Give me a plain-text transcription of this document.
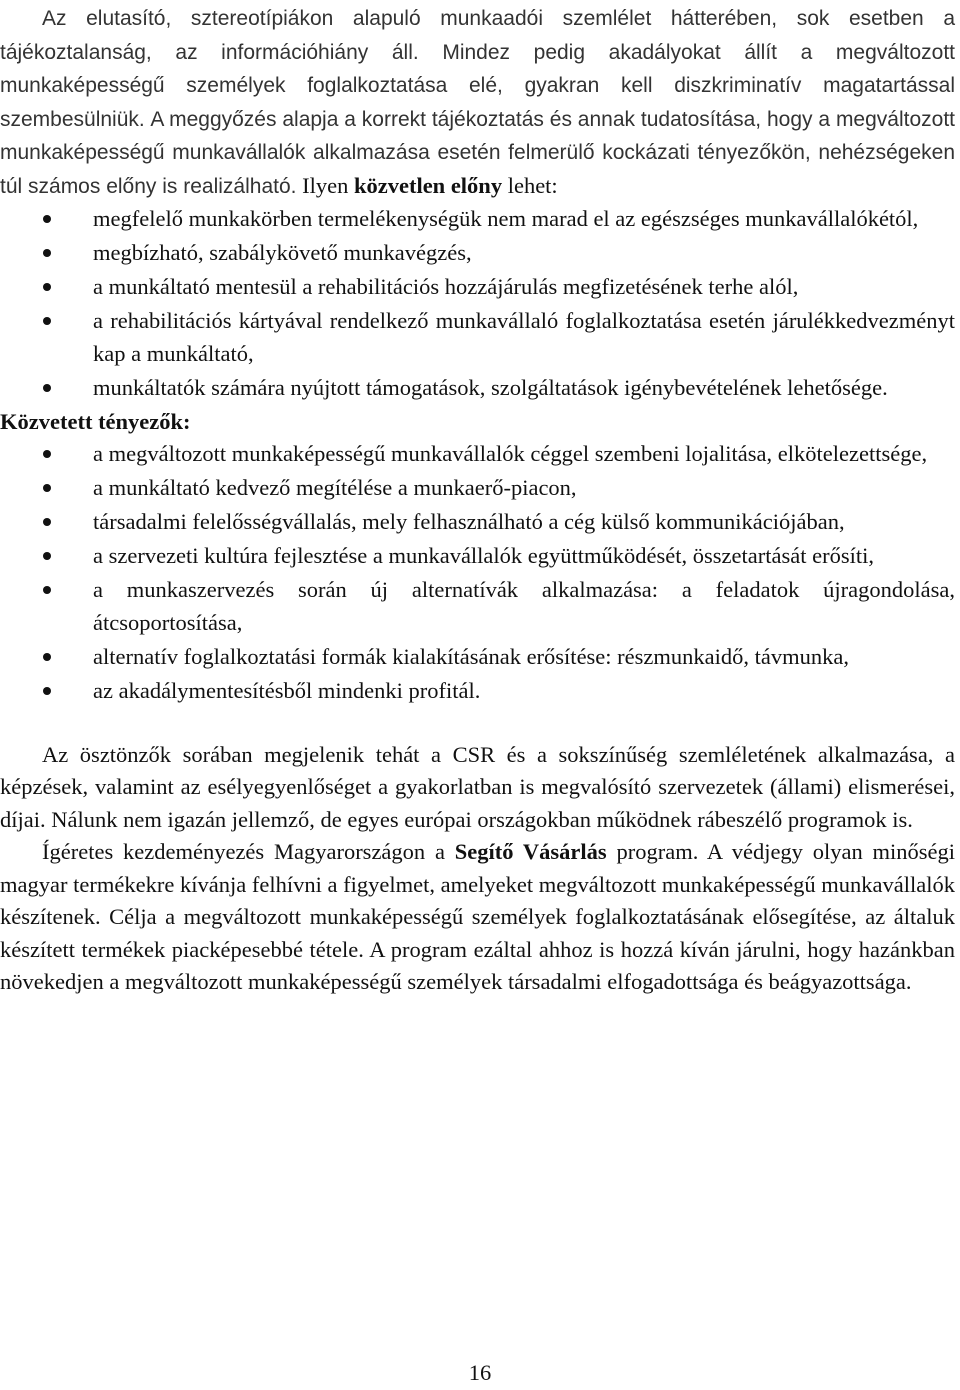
Az elutasító, sztereotípiákon alapuló munkaadói szemlélet hátterében, sok esetben a tájékoztalanság, az információhiány áll. Mindez pedig akadályokat állít a megváltozott munkaképességű személyek foglalkoztatása elé, gyakran kell diszkriminatív magatartással szembesülniük. A meggyőzés alapja a korrekt tájékoztatás és annak tudatosítása, hogy a megváltozott munkaképességű munkavállalók alkalmazása esetén felmerülő kockázati tényezőkön, nehézségeken túl számos előny is realizálható. Ilyen közvetlen előny lehet:

megfelelő munkakörben termelékenységük nem marad el az egészséges munkavállalókétól,
megbízható, szabálykövető munkavégzés,
a munkáltató mentesül a rehabilitációs hozzájárulás megfizetésének terhe alól,
a rehabilitációs kártyával rendelkező munkavállaló foglalkoztatása esetén járulékkedvezményt kap a munkáltató,
munkáltatók számára nyújtott támogatások, szolgáltatások igénybevételének lehetősége.

Közvetett tényezők:

a megváltozott munkaképességű munkavállalók céggel szembeni lojalitása, elkötelezettsége,
a munkáltató kedvező megítélése a munkaerő-piacon,
társadalmi felelősségvállalás, mely felhasználható a cég külső kommunikációjában,
a szervezeti kultúra fejlesztése a munkavállalók együttműködését, összetartását erősíti,
a munkaszervezés során új alternatívák alkalmazása: a feladatok újragondolása, átcsoportosítása,
alternatív foglalkoztatási formák kialakításának erősítése: részmunkaidő, távmunka,
az akadálymentesítésből mindenki profitál.

Az ösztönzők sorában megjelenik tehát a CSR és a sokszínűség szemléletének alkalmazása, a képzések, valamint az esélyegyenlőséget a gyakorlatban is megvalósító szervezetek (állami) elismerései, díjai. Nálunk nem igazán jellemző, de egyes európai országokban működnek rábeszélő programok is.

Ígéretes kezdeményezés Magyarországon a Segítő Vásárlás program. A védjegy olyan minőségi magyar termékekre kívánja felhívni a figyelmet, amelyeket megváltozott munkaképességű munkavállalók készítenek. Célja a megváltozott munkaképességű személyek foglalkoztatásának elősegítése, az általuk készített termékek piacképesebbé tétele. A program ezáltal ahhoz is hozzá kíván járulni, hogy hazánkban növekedjen a megváltozott munkaképességű személyek társadalmi elfogadottsága és beágyazottsága.

16
